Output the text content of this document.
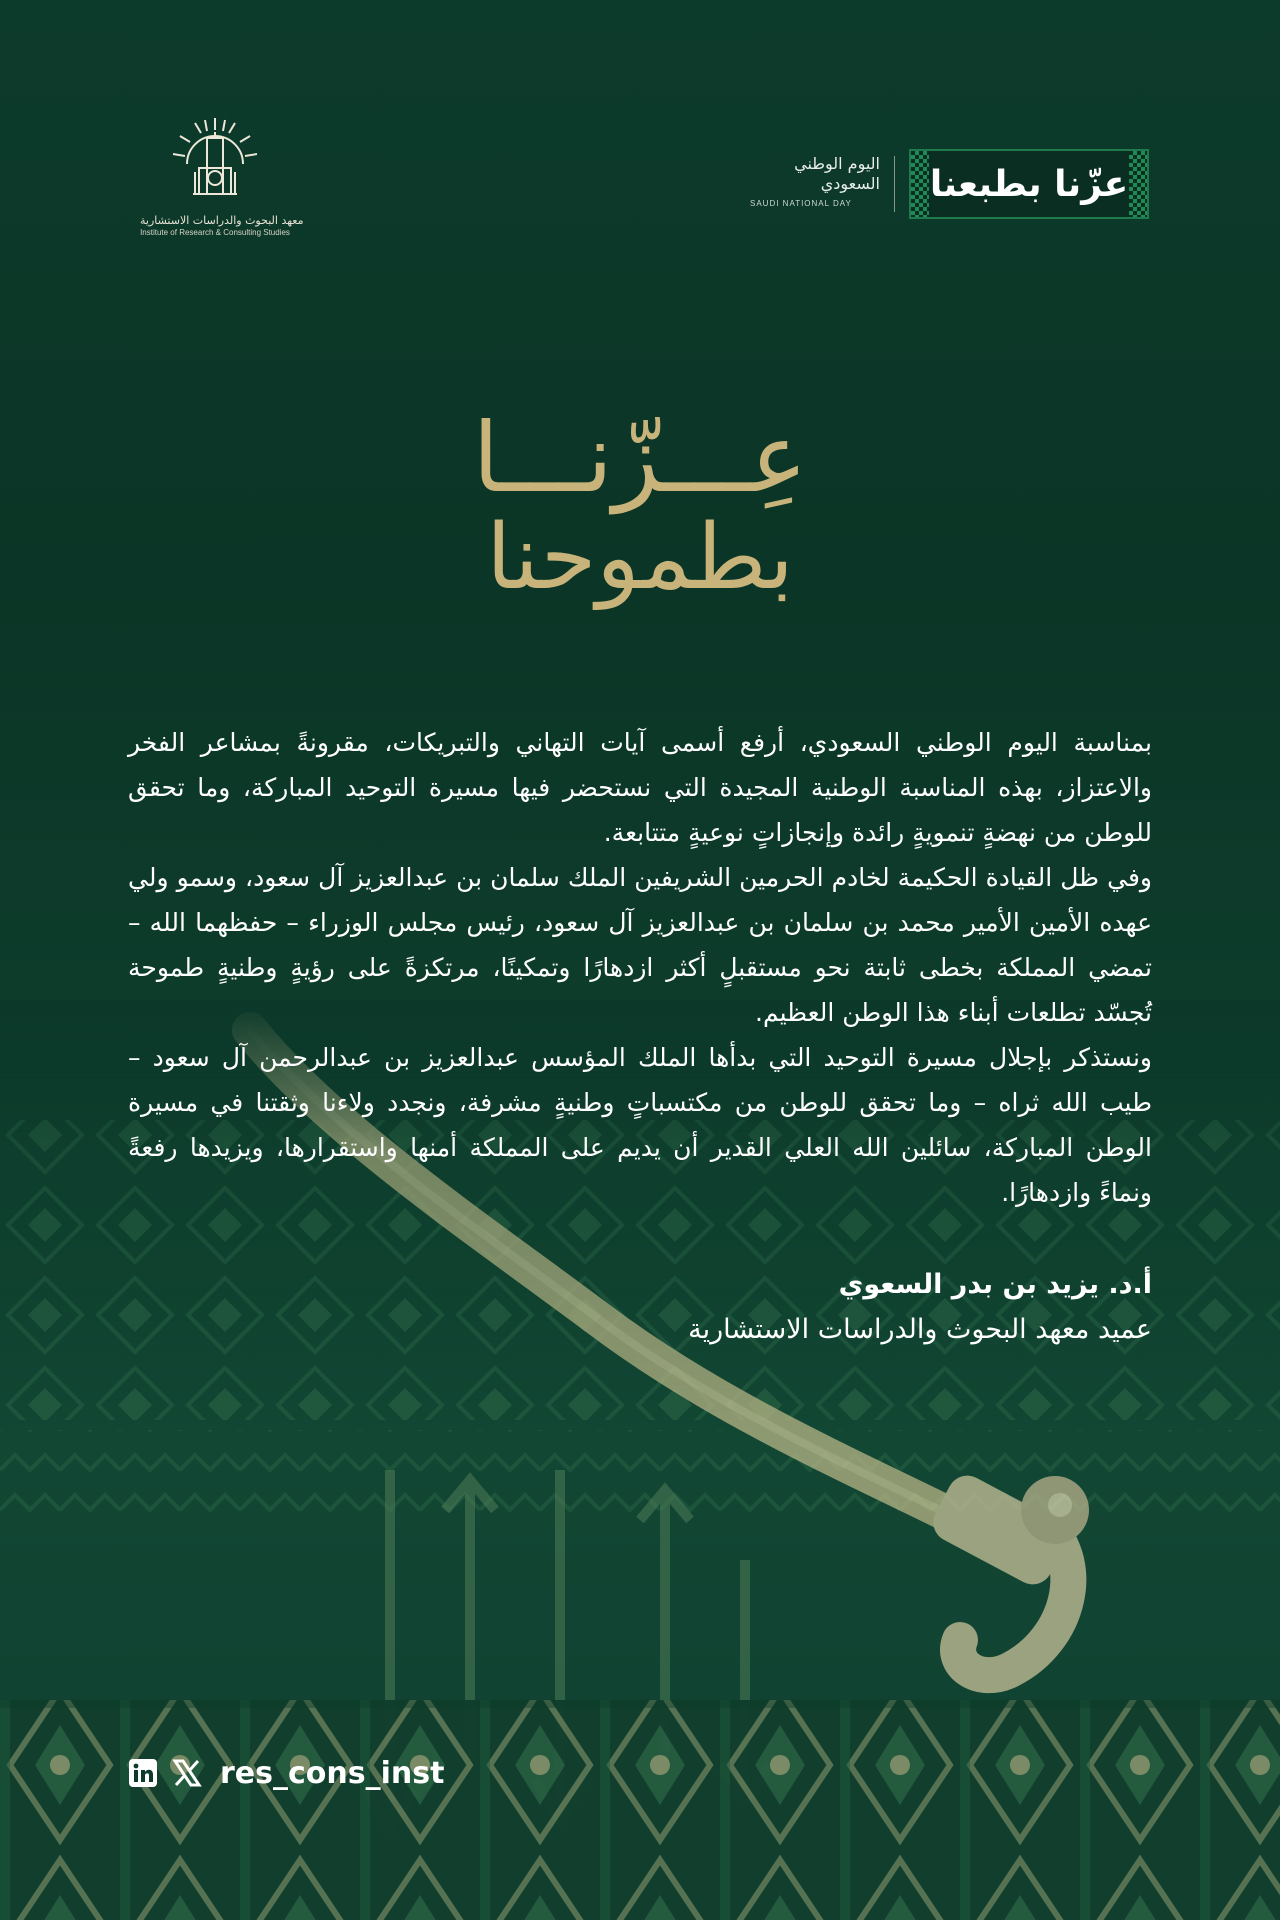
معهد البحوث والدراسات الاستشارية
Institute of Research & Consulting Studies
اليوم الوطني
السعودي
SAUDI NATIONAL DAY	عزّنا بطبعنا
عِـــزّنـــا
بطموحنا

بمناسبة اليوم الوطني السعودي، أرفع أسمى آيات التهاني والتبريكات، مقرونةً بمشاعر الفخر والاعتزاز، بهذه المناسبة الوطنية المجيدة التي نستحضر فيها مسيرة التوحيد المباركة، وما تحقق للوطن من نهضةٍ تنمويةٍ رائدة وإنجازاتٍ نوعيةٍ متتابعة.

وفي ظل القيادة الحكيمة لخادم الحرمين الشريفين الملك سلمان بن عبدالعزيز آل سعود، وسمو ولي عهده الأمين الأمير محمد بن سلمان بن عبدالعزيز آل سعود، رئيس مجلس الوزراء – حفظهما الله – تمضي المملكة بخطى ثابتة نحو مستقبلٍ أكثر ازدهارًا وتمكينًا، مرتكزةً على رؤيةٍ وطنيةٍ طموحة تُجسّد تطلعات أبناء هذا الوطن العظيم.

ونستذكر بإجلال مسيرة التوحيد التي بدأها الملك المؤسس عبدالعزيز بن عبدالرحمن آل سعود – طيب الله ثراه – وما تحقق للوطن من مكتسباتٍ وطنيةٍ مشرفة، ونجدد ولاءنا وثقتنا في مسيرة الوطن المباركة، سائلين الله العلي القدير أن يديم على المملكة أمنها واستقرارها، ويزيدها رفعةً ونماءً وازدهارًا.

أ.د. يزيد بن بدر السعوي
عميد معهد البحوث والدراسات الاستشارية
res_cons_inst
